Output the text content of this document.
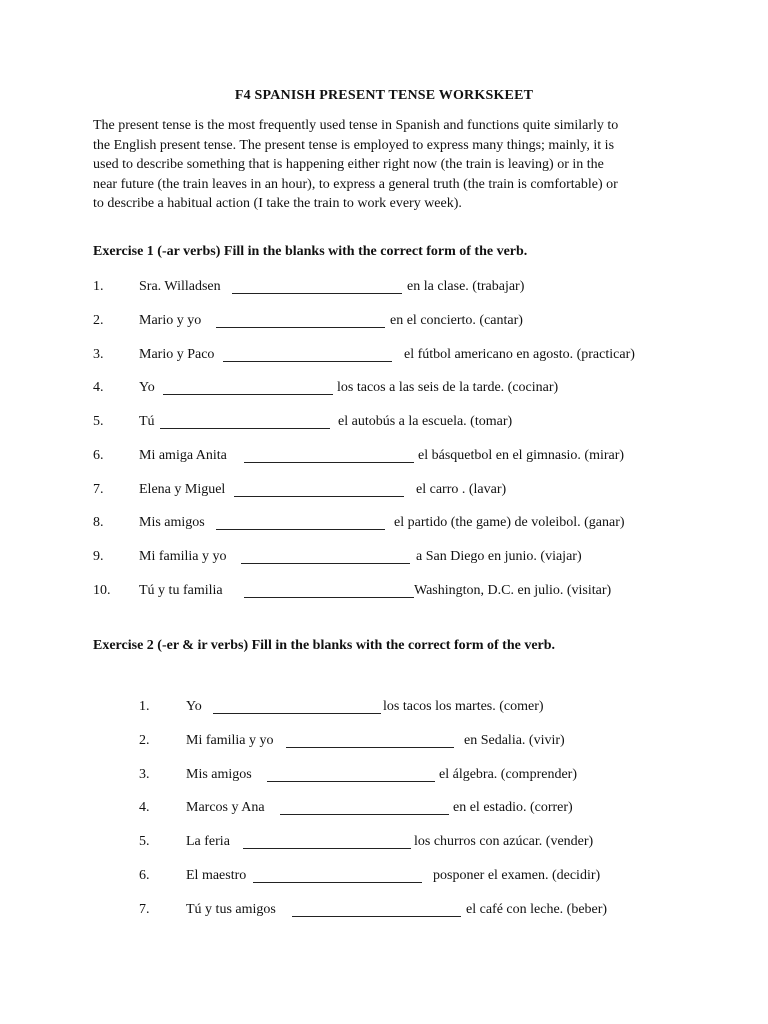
F4 SPANISH PRESENT TENSE WORKSKEET
The present tense is the most frequently used tense in Spanish and functions quite similarly to
the English present tense. The present tense is employed to express many things; mainly, it is
used to describe something that is happening either right now (the train is leaving) or in the
near future (the train leaves in an hour), to express a general truth (the train is comfortable) or
to describe a habitual action (I take the train to work every week).
Exercise 1 (-ar verbs) Fill in the blanks with the correct form of the verb.
1.	Sra. Willadsen	en la clase. (trabajar)
2.	Mario y yo	en el concierto. (cantar)
3.	Mario y Paco	el fútbol americano en agosto. (practicar)
4.	Yo	los tacos a las seis de la tarde. (cocinar)
5.	Tú	el autobús a la escuela. (tomar)
6.	Mi amiga Anita	el básquetbol en el gimnasio. (mirar)
7.	Elena y Miguel	el carro . (lavar)
8.	Mis amigos	el partido (the game) de voleibol. (ganar)
9.	Mi familia y yo	a San Diego en junio. (viajar)
10. Tú y tu familia	Washington, D.C. en julio. (visitar)
Exercise 2 (-er & ir verbs) Fill in the blanks with the correct form of the verb.
1.	Yo	los tacos los martes. (comer)
2.	Mi familia y yo	en Sedalia. (vivir)
3.	Mis amigos	el álgebra. (comprender)
4.	Marcos y Ana	en el estadio. (correr)
5.	La feria	los churros con azúcar. (vender)
6.	El maestro	posponer el examen. (decidir)
7.	Tú y tus amigos	el café con leche. (beber)
